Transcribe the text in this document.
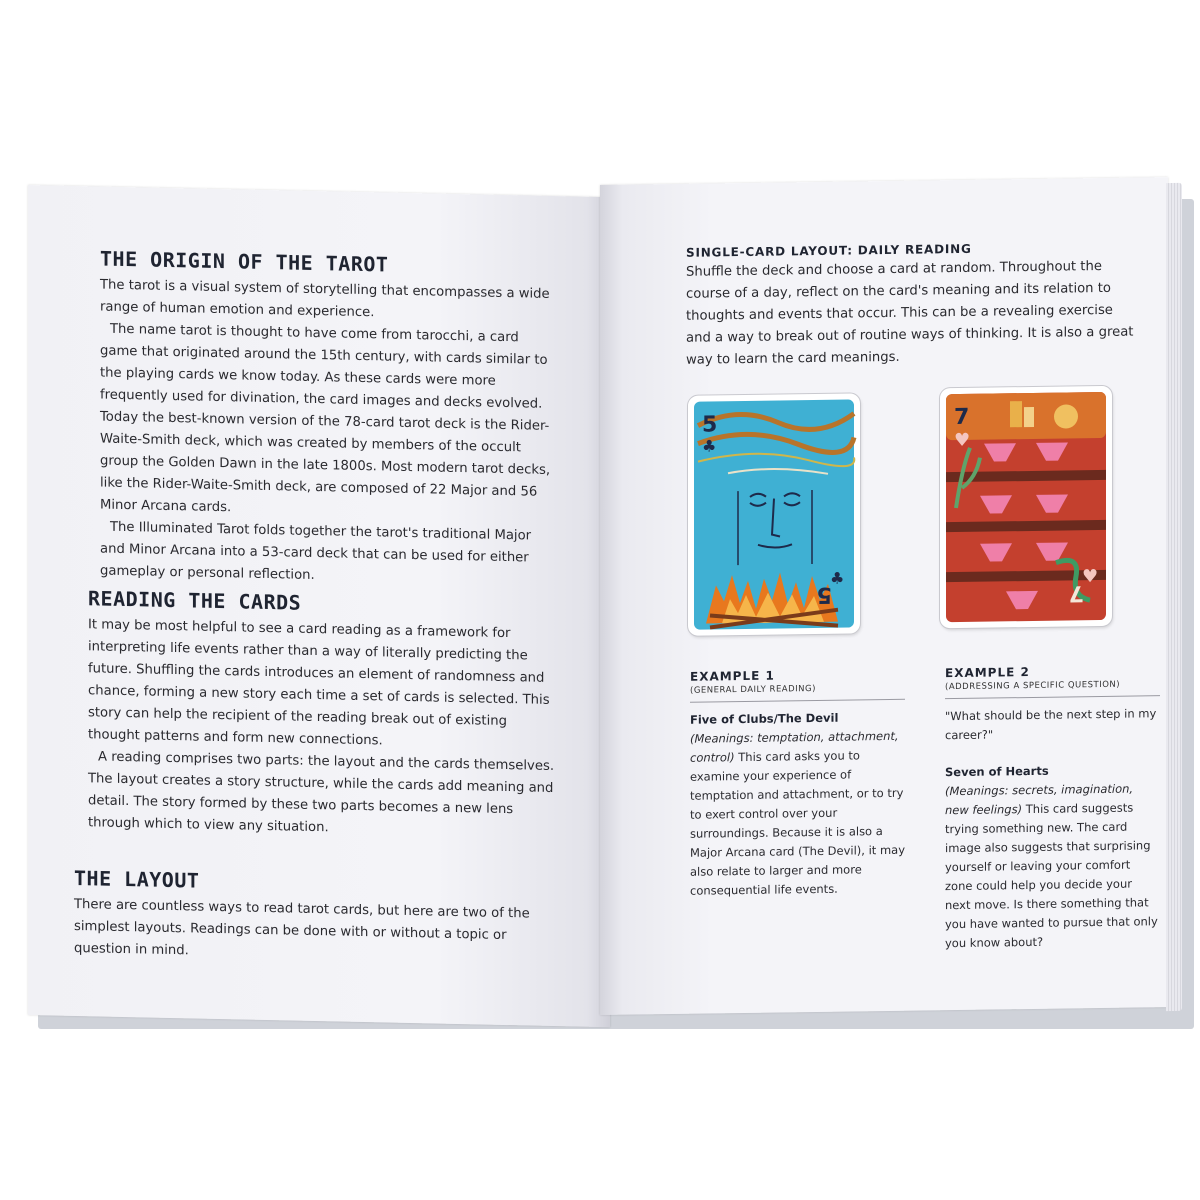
THE ORIGIN OF THE TAROT

The tarot is a visual system of storytelling that encompasses a wide range of human emotion and experience.

The name tarot is thought to have come from tarocchi, a card game that originated around the 15th century, with cards similar to the playing cards we know today. As these cards were more frequently used for divination, the card images and decks evolved. Today the best-known version of the 78-card tarot deck is the Rider-Waite-Smith deck, which was created by members of the occult group the Golden Dawn in the late 1800s. Most modern tarot decks, like the Rider-Waite-Smith deck, are composed of 22 Major and 56 Minor Arcana cards.

The Illuminated Tarot folds together the tarot's traditional Major and Minor Arcana into a 53-card deck that can be used for either gameplay or personal reflection.

READING THE CARDS

It may be most helpful to see a card reading as a framework for interpreting life events rather than a way of literally predicting the future. Shuffling the cards introduces an element of randomness and chance, forming a new story each time a set of cards is selected. This story can help the recipient of the reading break out of existing thought patterns and form new connections.

A reading comprises two parts: the layout and the cards themselves. The layout creates a story structure, while the cards add meaning and detail. The story formed by these two parts becomes a new lens through which to view any situation.

THE LAYOUT

There are countless ways to read tarot cards, but here are two of the simplest layouts. Readings can be done with or without a topic or question in mind.

SINGLE-CARD LAYOUT: DAILY READING

Shuffle the deck and choose a card at random. Throughout the course of a day, reflect on the card's meaning and its relation to thoughts and events that occur. This can be a revealing exercise and a way to break out of routine ways of thinking. It is also a great way to learn the card meanings.

5
♣
♣
5
7
♥
♥
7
EXAMPLE 1
(GENERAL DAILY READING)

Five of Clubs/The Devil
(Meanings: temptation, attachment, control) This card asks you to examine your experience of temptation and attachment, or to try to exert control over your surroundings. Because it is also a Major Arcana card (The Devil), it may also relate to larger and more consequential life events.

EXAMPLE 2
(ADDRESSING A SPECIFIC QUESTION)

"What should be the next step in my career?"

Seven of Hearts
(Meanings: secrets, imagination, new feelings) This card suggests trying something new. The card image also suggests that surprising yourself or leaving your comfort zone could help you decide your next move. Is there something that you have wanted to pursue that only you know about?
